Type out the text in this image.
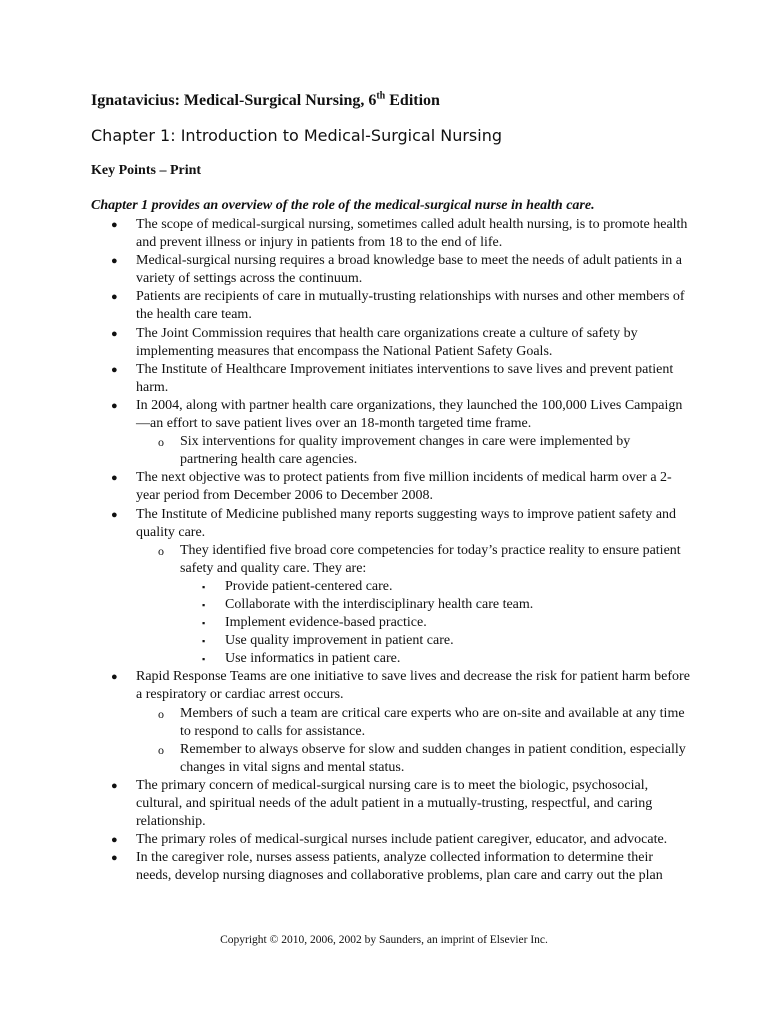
Ignatavicius: Medical-Surgical Nursing, 6th Edition
Chapter 1: Introduction to Medical-Surgical Nursing
Key Points – Print
Chapter 1 provides an overview of the role of the medical-surgical nurse in health care.
● The scope of medical-surgical nursing, sometimes called adult health nursing, is to promote health and prevent illness or injury in patients from 18 to the end of life.
● Medical-surgical nursing requires a broad knowledge base to meet the needs of adult patients in a variety of settings across the continuum.
● Patients are recipients of care in mutually-trusting relationships with nurses and other members of the health care team.
● The Joint Commission requires that health care organizations create a culture of safety by implementing measures that encompass the National Patient Safety Goals.
● The Institute of Healthcare Improvement initiates interventions to save lives and prevent patient harm.
● In 2004, along with partner health care organizations, they launched the 100,000 Lives Campaign—an effort to save patient lives over an 18-month targeted time frame.
o Six interventions for quality improvement changes in care were implemented by partnering health care agencies.
● The next objective was to protect patients from five million incidents of medical harm over a 2-year period from December 2006 to December 2008.
● The Institute of Medicine published many reports suggesting ways to improve patient safety and quality care.
o They identified five broad core competencies for today’s practice reality to ensure patient safety and quality care. They are:
▪ Provide patient-centered care.
▪ Collaborate with the interdisciplinary health care team.
▪ Implement evidence-based practice.
▪ Use quality improvement in patient care.
▪ Use informatics in patient care.
● Rapid Response Teams are one initiative to save lives and decrease the risk for patient harm before a respiratory or cardiac arrest occurs.
o Members of such a team are critical care experts who are on-site and available at any time to respond to calls for assistance.
o Remember to always observe for slow and sudden changes in patient condition, especially changes in vital signs and mental status.
● The primary concern of medical-surgical nursing care is to meet the biologic, psychosocial, cultural, and spiritual needs of the adult patient in a mutually-trusting, respectful, and caring relationship.
● The primary roles of medical-surgical nurses include patient caregiver, educator, and advocate.
● In the caregiver role, nurses assess patients, analyze collected information to determine their needs, develop nursing diagnoses and collaborative problems, plan care and carry out the plan
Copyright © 2010, 2006, 2002 by Saunders, an imprint of Elsevier Inc.
